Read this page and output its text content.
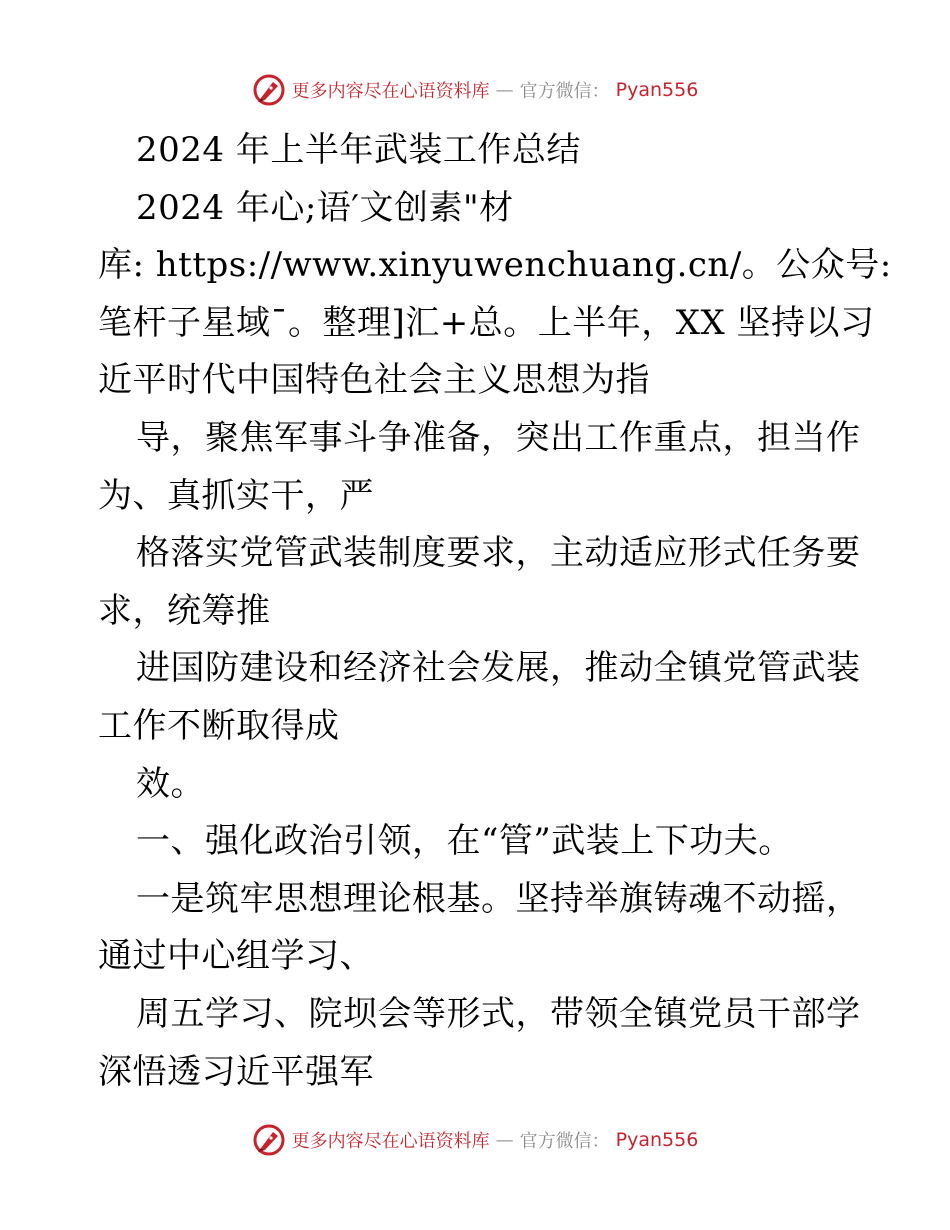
更多内容尽在心语资料库 — 官方微信： Pyan556
2024 年上半年武装工作总结
2024 年心;语′文创素"材
库: https://www.xinyuwenchuang.cn/。公众号:
笔杆子星域¯。整理]汇+总。上半年，XX 坚持以习
近平时代中国特色社会主义思想为指
导，聚焦军事斗争准备，突出工作重点，担当作
为、真抓实干，严
格落实党管武装制度要求，主动适应形式任务要
求，统筹推
进国防建设和经济社会发展，推动全镇党管武装
工作不断取得成
效。
一、强化政治引领，在“管”武装上下功夫。
一是筑牢思想理论根基。坚持举旗铸魂不动摇，
通过中心组学习、
周五学习、院坝会等形式，带领全镇党员干部学
深悟透习近平强军
更多内容尽在心语资料库 — 官方微信： Pyan556
